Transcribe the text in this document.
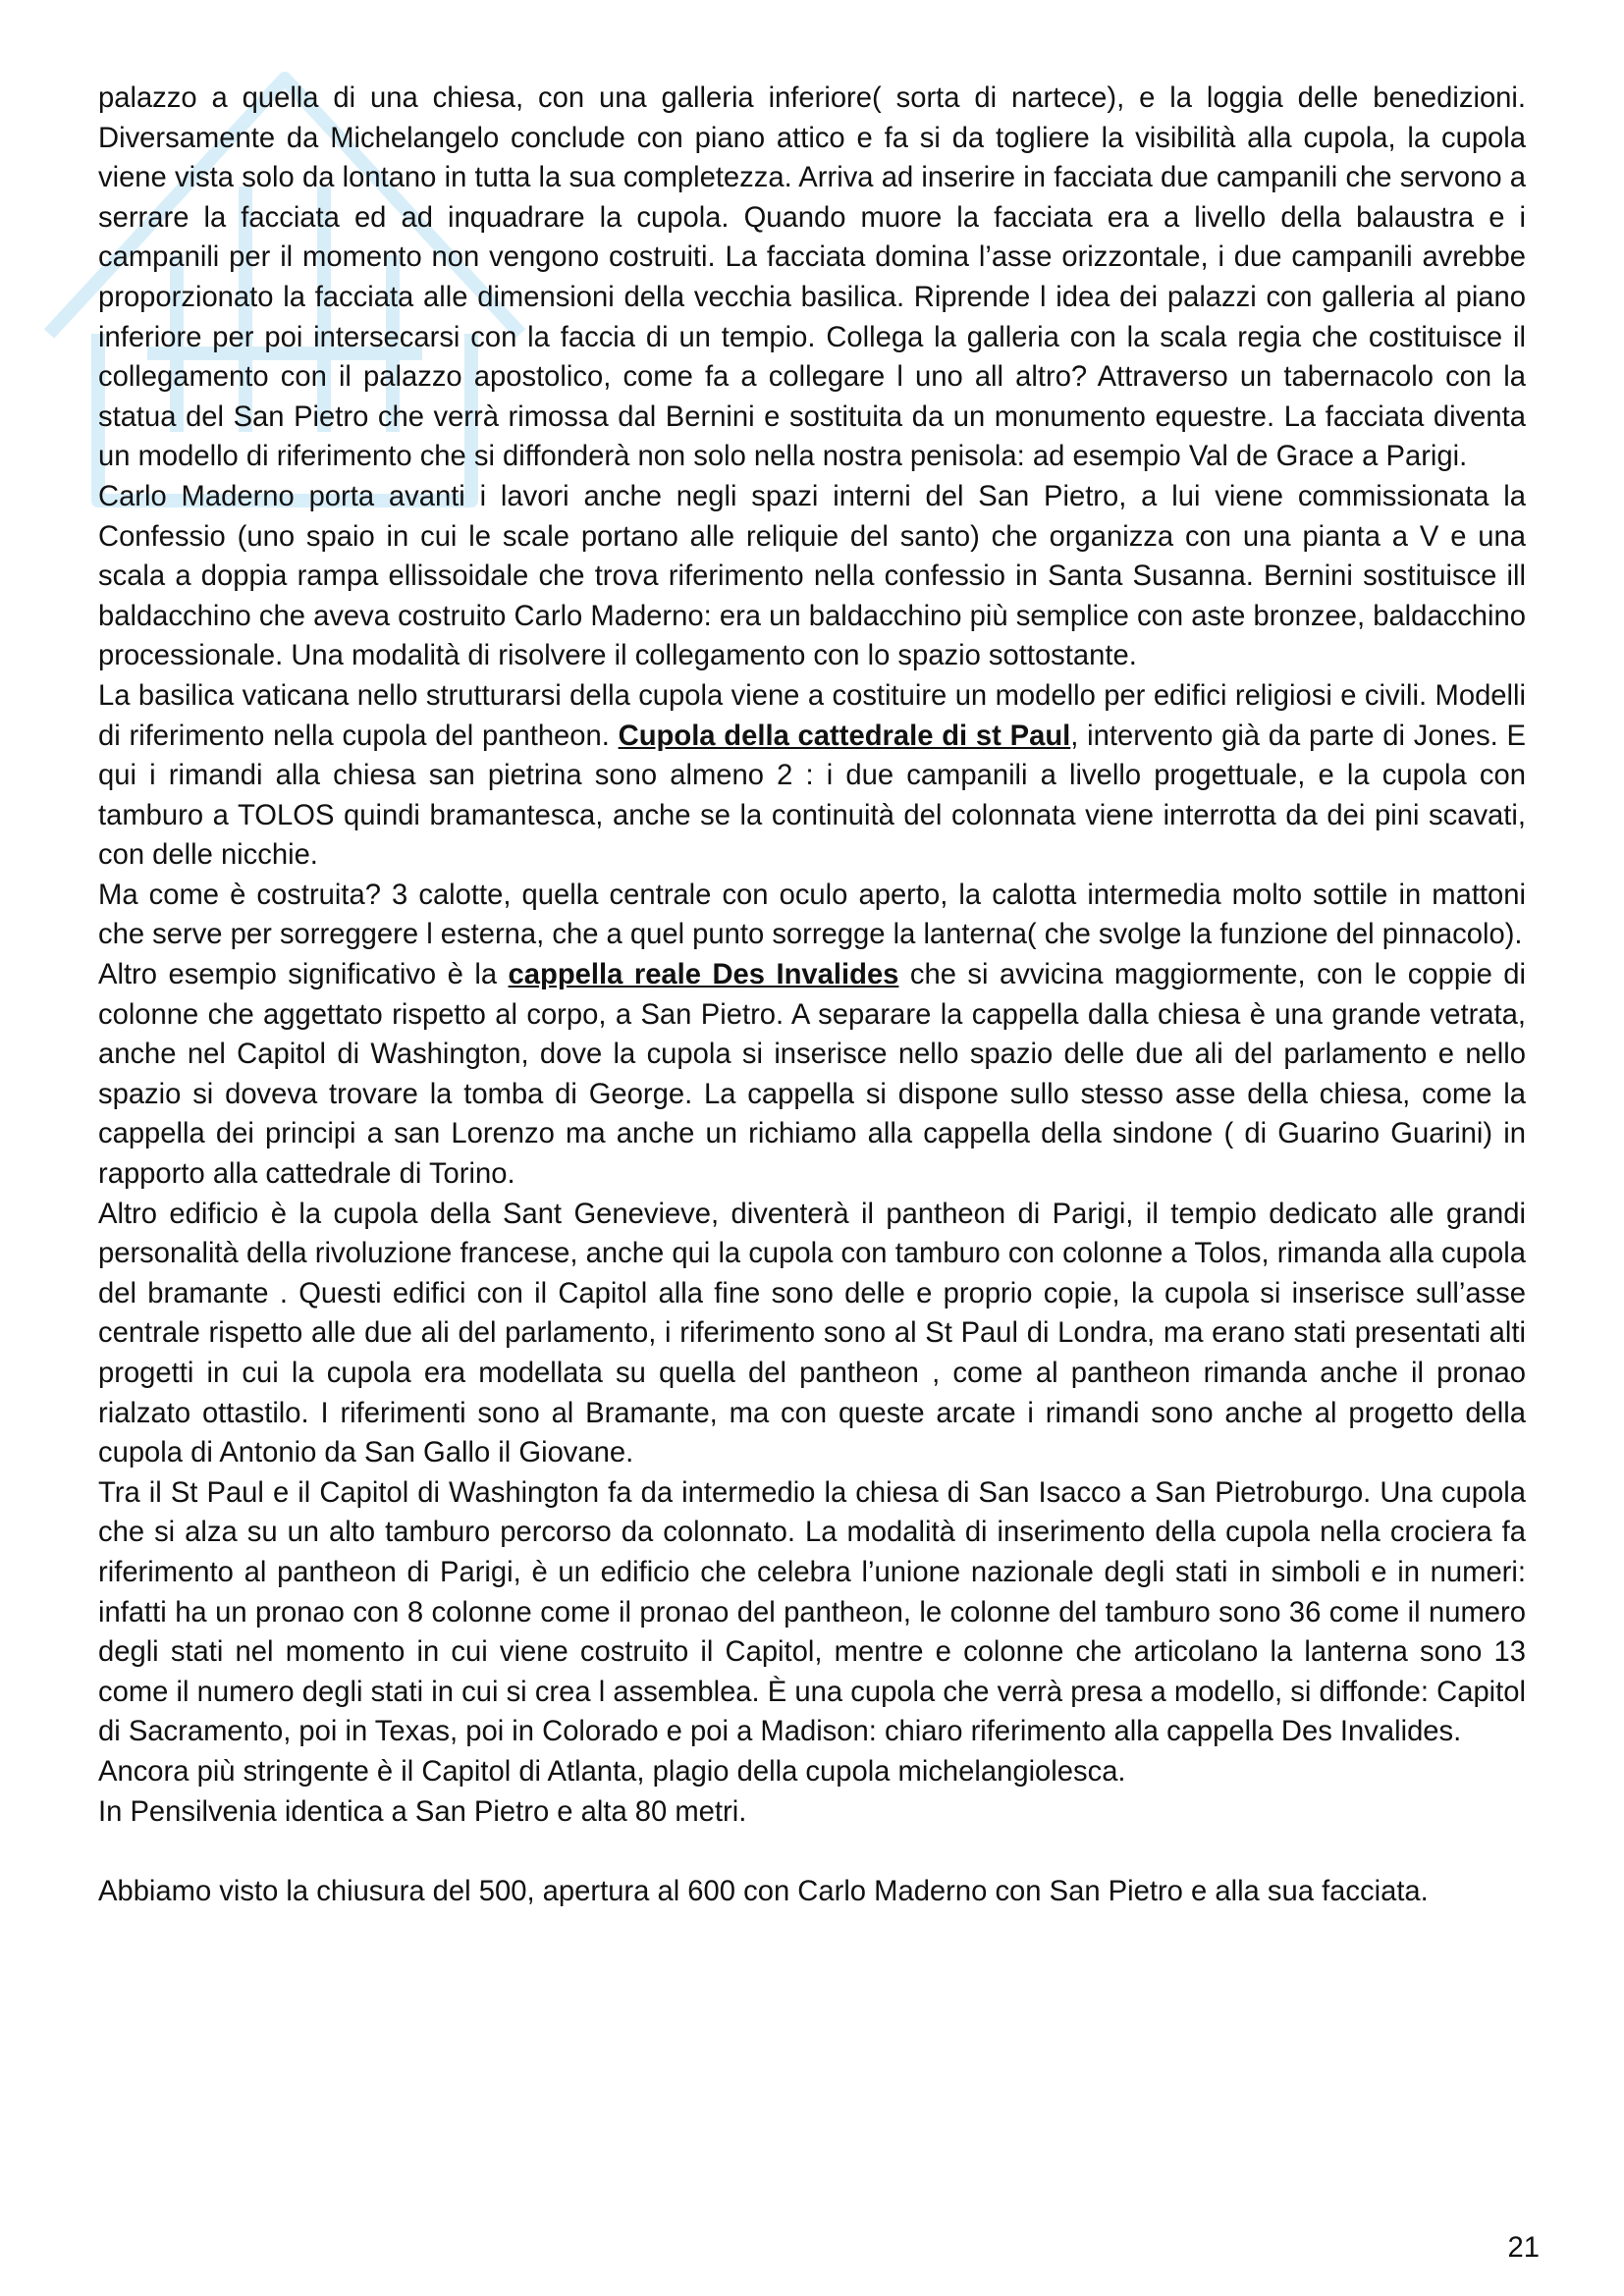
palazzo a quella di una chiesa, con una galleria inferiore( sorta di nartece), e la loggia delle benedizioni. Diversamente da Michelangelo conclude con piano attico e fa si da togliere la visibilità alla cupola, la cupola viene vista solo da lontano in tutta la sua completezza. Arriva ad inserire in facciata due campanili che servono a serrare la facciata ed ad inquadrare la cupola. Quando muore la facciata era a livello della balaustra e i campanili per il momento non vengono costruiti. La facciata domina l’asse orizzontale, i due campanili avrebbe proporzionato la facciata alle dimensioni della vecchia basilica. Riprende l idea dei palazzi con galleria al piano inferiore per poi intersecarsi con la faccia di un tempio. Collega la galleria con la scala regia che costituisce il collegamento con il palazzo apostolico, come fa a collegare l uno all altro? Attraverso un tabernacolo con la statua del San Pietro che verrà rimossa dal Bernini e sostituita da un monumento equestre. La facciata diventa un modello di riferimento che si diffonderà non solo nella nostra penisola: ad esempio Val de Grace a Parigi.

Carlo Maderno porta avanti i lavori anche negli spazi interni del San Pietro, a lui viene commissionata la Confessio (uno spaio in cui le scale portano alle reliquie del santo) che organizza con una pianta a V e una scala a doppia rampa ellissoidale che trova riferimento nella confessio in Santa Susanna. Bernini sostituisce ill baldacchino che aveva costruito Carlo Maderno: era un baldacchino più semplice con aste bronzee, baldacchino processionale. Una modalità di risolvere il collegamento con lo spazio sottostante.

La basilica vaticana nello strutturarsi della cupola viene a costituire un modello per edifici religiosi e civili. Modelli di riferimento nella cupola del pantheon. Cupola della cattedrale di st Paul, intervento già da parte di Jones. E qui i rimandi alla chiesa san pietrina sono almeno 2 : i due campanili a livello progettuale, e la cupola con tamburo a TOLOS quindi bramantesca, anche se la continuità del colonnata viene interrotta da dei pini scavati, con delle nicchie.

Ma come è costruita? 3 calotte, quella centrale con oculo aperto, la calotta intermedia molto sottile in mattoni che serve per sorreggere l esterna, che a quel punto sorregge la lanterna( che svolge la funzione del pinnacolo).

Altro esempio significativo è la cappella reale Des Invalides che si avvicina maggiormente, con le coppie di colonne che aggettato rispetto al corpo, a San Pietro. A separare la cappella dalla chiesa è una grande vetrata, anche nel Capitol di Washington, dove la cupola si inserisce nello spazio delle due ali del parlamento e nello spazio si doveva trovare la tomba di George. La cappella si dispone sullo stesso asse della chiesa, come la cappella dei principi a san Lorenzo ma anche un richiamo alla cappella della sindone ( di Guarino Guarini) in rapporto alla cattedrale di Torino.

Altro edificio è la cupola della Sant Genevieve, diventerà il pantheon di Parigi, il tempio dedicato alle grandi personalità della rivoluzione francese, anche qui la cupola con tamburo con colonne a Tolos, rimanda alla cupola del bramante . Questi edifici con il Capitol alla fine sono delle e proprio copie, la cupola si inserisce sull’asse centrale rispetto alle due ali del parlamento, i riferimento sono al St Paul di Londra, ma erano stati presentati alti progetti in cui la cupola era modellata su quella del pantheon , come al pantheon rimanda anche il pronao rialzato ottastilo. I riferimenti sono al Bramante, ma con queste arcate i rimandi sono anche al progetto della cupola di Antonio da San Gallo il Giovane.

Tra il St Paul e il Capitol di Washington fa da intermedio la chiesa di San Isacco a San Pietroburgo. Una cupola che si alza su un alto tamburo percorso da colonnato. La modalità di inserimento della cupola nella crociera fa riferimento al pantheon di Parigi, è un edificio che celebra l’unione nazionale degli stati in simboli e in numeri: infatti ha un pronao con 8 colonne come il pronao del pantheon, le colonne del tamburo sono 36 come il numero degli stati nel momento in cui viene costruito il Capitol, mentre e colonne che articolano la lanterna sono 13 come il numero degli stati in cui si crea l assemblea. È una cupola che verrà presa a modello, si diffonde: Capitol di Sacramento, poi in Texas, poi in Colorado e poi a Madison: chiaro riferimento alla cappella Des Invalides.

Ancora più stringente è il Capitol di Atlanta, plagio della cupola michelangiolesca.

In Pensilvenia identica a San Pietro e alta 80 metri.

Abbiamo visto la chiusura del 500, apertura al 600 con Carlo Maderno con San Pietro e alla sua facciata.

21
